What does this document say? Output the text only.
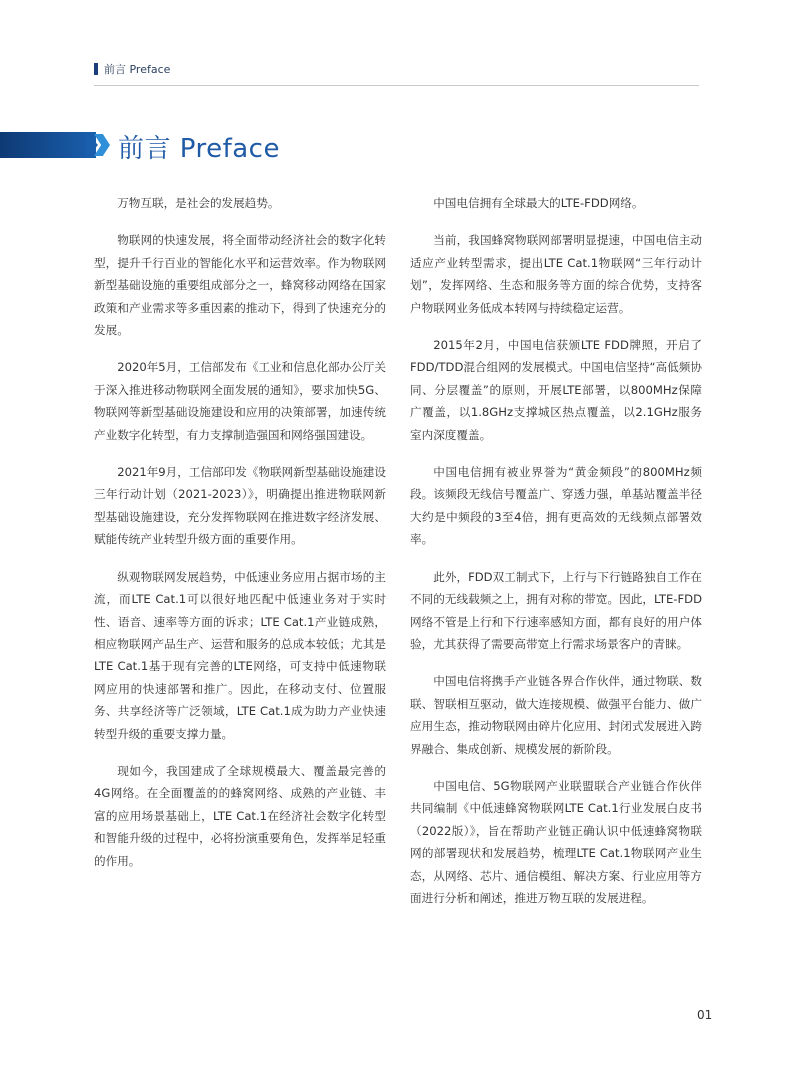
前言 Preface
前言 Preface

万物互联，是社会的发展趋势。

物联网的快速发展，将全面带动经济社会的数字化转型，提升千行百业的智能化水平和运营效率。作为物联网新型基础设施的重要组成部分之一，蜂窝移动网络在国家政策和产业需求等多重因素的推动下，得到了快速充分的发展。

2020年5月，工信部发布《工业和信息化部办公厅关于深入推进移动物联网全面发展的通知》，要求加快5G、物联网等新型基础设施建设和应用的决策部署，加速传统产业数字化转型，有力支撑制造强国和网络强国建设。

2021年9月，工信部印发《物联网新型基础设施建设三年行动计划（2021-2023）》，明确提出推进物联网新型基础设施建设，充分发挥物联网在推进数字经济发展、赋能传统产业转型升级方面的重要作用。

纵观物联网发展趋势，中低速业务应用占据市场的主流，而LTE Cat.1可以很好地匹配中低速业务对于实时性、语音、速率等方面的诉求；LTE Cat.1产业链成熟，相应物联网产品生产、运营和服务的总成本较低；尤其是LTE Cat.1基于现有完善的LTE网络，可支持中低速物联网应用的快速部署和推广。因此，在移动支付、位置服务、共享经济等广泛领域，LTE Cat.1成为助力产业快速转型升级的重要支撑力量。

现如今，我国建成了全球规模最大、覆盖最完善的4G网络。在全面覆盖的的蜂窝网络、成熟的产业链、丰富的应用场景基础上，LTE Cat.1在经济社会数字化转型和智能升级的过程中，必将扮演重要角色，发挥举足轻重的作用。

中国电信拥有全球最大的LTE-FDD网络。

当前，我国蜂窝物联网部署明显提速，中国电信主动适应产业转型需求，提出LTE Cat.1物联网“三年行动计划”，发挥网络、生态和服务等方面的综合优势，支持客户物联网业务低成本转网与持续稳定运营。

2015年2月，中国电信获颁LTE FDD牌照，开启了FDD/TDD混合组网的发展模式。中国电信坚持“高低频协同、分层覆盖”的原则，开展LTE部署，以800MHz保障广覆盖，以1.8GHz支撑城区热点覆盖，以2.1GHz服务室内深度覆盖。

中国电信拥有被业界誉为“黄金频段”的800MHz频段。该频段无线信号覆盖广、穿透力强，单基站覆盖半径大约是中频段的3至4倍，拥有更高效的无线频点部署效率。

此外，FDD双工制式下，上行与下行链路独自工作在不同的无线载频之上，拥有对称的带宽。因此，LTE-FDD网络不管是上行和下行速率感知方面，都有良好的用户体验，尤其获得了需要高带宽上行需求场景客户的青睐。

中国电信将携手产业链各界合作伙伴，通过物联、数联、智联相互驱动，做大连接规模、做强平台能力、做广应用生态，推动物联网由碎片化应用、封闭式发展进入跨界融合、集成创新、规模发展的新阶段。

中国电信、5G物联网产业联盟联合产业链合作伙伴共同编制《中低速蜂窝物联网LTE Cat.1行业发展白皮书（2022版）》，旨在帮助产业链正确认识中低速蜂窝物联网的部署现状和发展趋势，梳理LTE Cat.1物联网产业生态，从网络、芯片、通信模组、解决方案、行业应用等方面进行分析和阐述，推进万物互联的发展进程。

01
